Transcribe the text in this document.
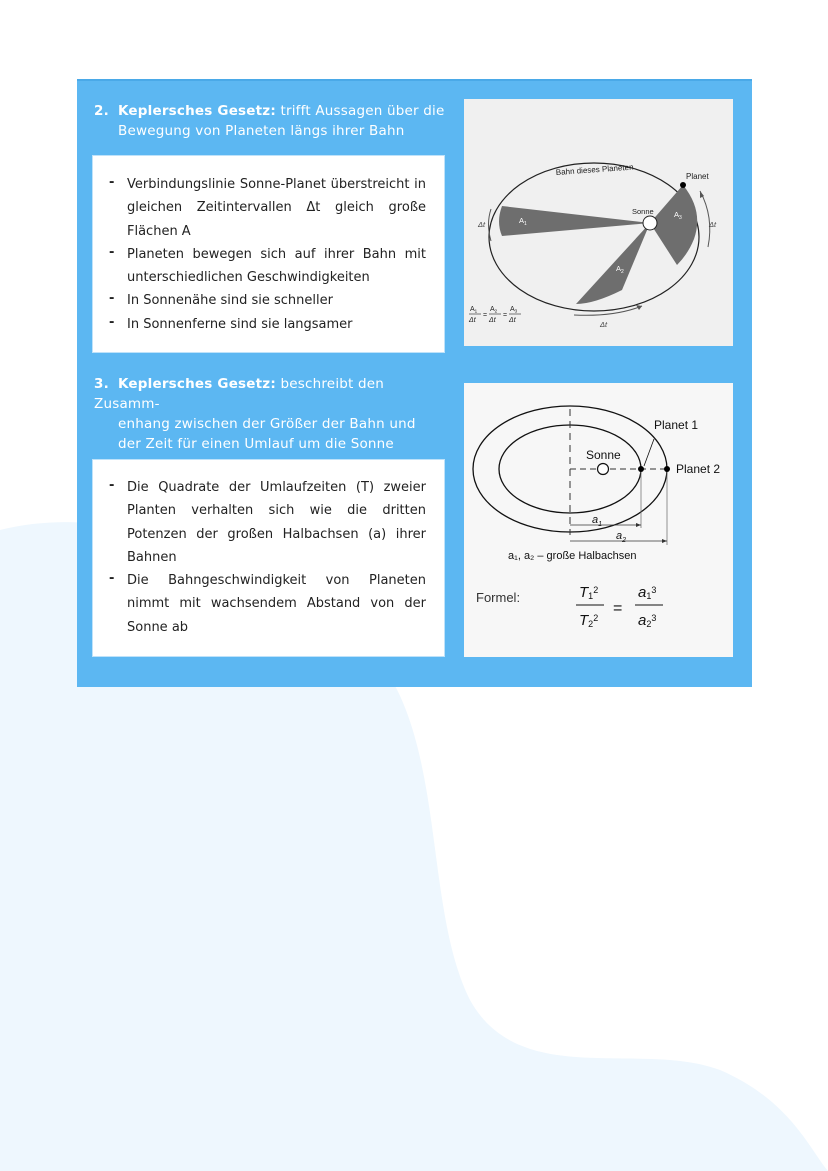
2. Keplersches Gesetz: trifft Aussagen über die
Bewegung von Planeten längs ihrer Bahn
- Verbindungslinie Sonne-Planet überstreicht in gleichen Zeitintervallen Δt gleich große Flächen A
- Planeten bewegen sich auf ihrer Bahn mit unterschiedlichen Geschwindigkeiten
- In Sonnenähe sind sie schneller
- In Sonnenferne sind sie langsamer
Bahn dieses Planeten	Planet
Sonne
$A_1$
$A_2$
$A_3$
Δt
Δt
Δt
$A_1$
Δt
=
$A_2$
Δt
=
$A_3$
Δt
3. Keplersches Gesetz: beschreibt den Zusamm-
enhang zwischen der Größer der Bahn und
der Zeit für einen Umlauf um die Sonne
- Die Quadrate der Umlaufzeiten (T) zweier Planten verhalten sich wie die dritten Potenzen der großen Halbachsen (a) ihrer Bahnen
- Die Bahngeschwindigkeit von Planeten nimmt mit wachsendem Abstand von der Sonne ab
Planet 1
Planet 2
Sonne
$a_1$
$a_2$
a₁, a₂ – große Halbachsen
Formel:	$T1^2$
$T2^2$
=
$a1^3$
$a2^3$
